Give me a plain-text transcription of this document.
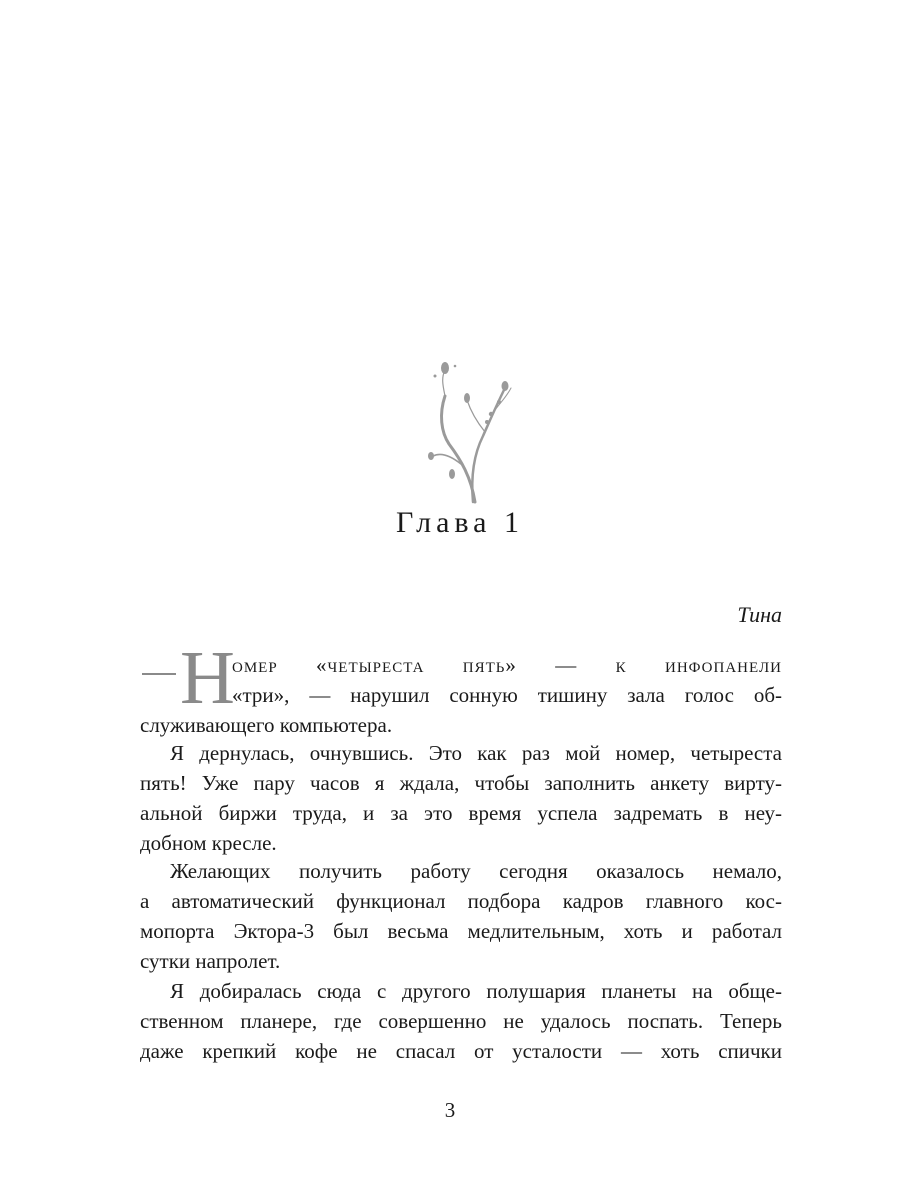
Глава 1
Тина
Н
омер «четыреста пять» — к инфопанели
«три», — нарушил сонную тишину зала голос об-
служивающего компьютера.
Я дернулась, очнувшись. Это как раз мой номер, четыреста
пять! Уже пару часов я ждала, чтобы заполнить анкету вирту-
альной биржи труда, и за это время успела задремать в неу-
добном кресле.
Желающих получить работу сегодня оказалось немало,
а автоматический функционал подбора кадров главного кос-
мопорта Эктора-3 был весьма медлительным, хоть и работал
сутки напролет.
Я добиралась сюда с другого полушария планеты на обще-
ственном планере, где совершенно не удалось поспать. Теперь
даже крепкий кофе не спасал от усталости — хоть спички
3
